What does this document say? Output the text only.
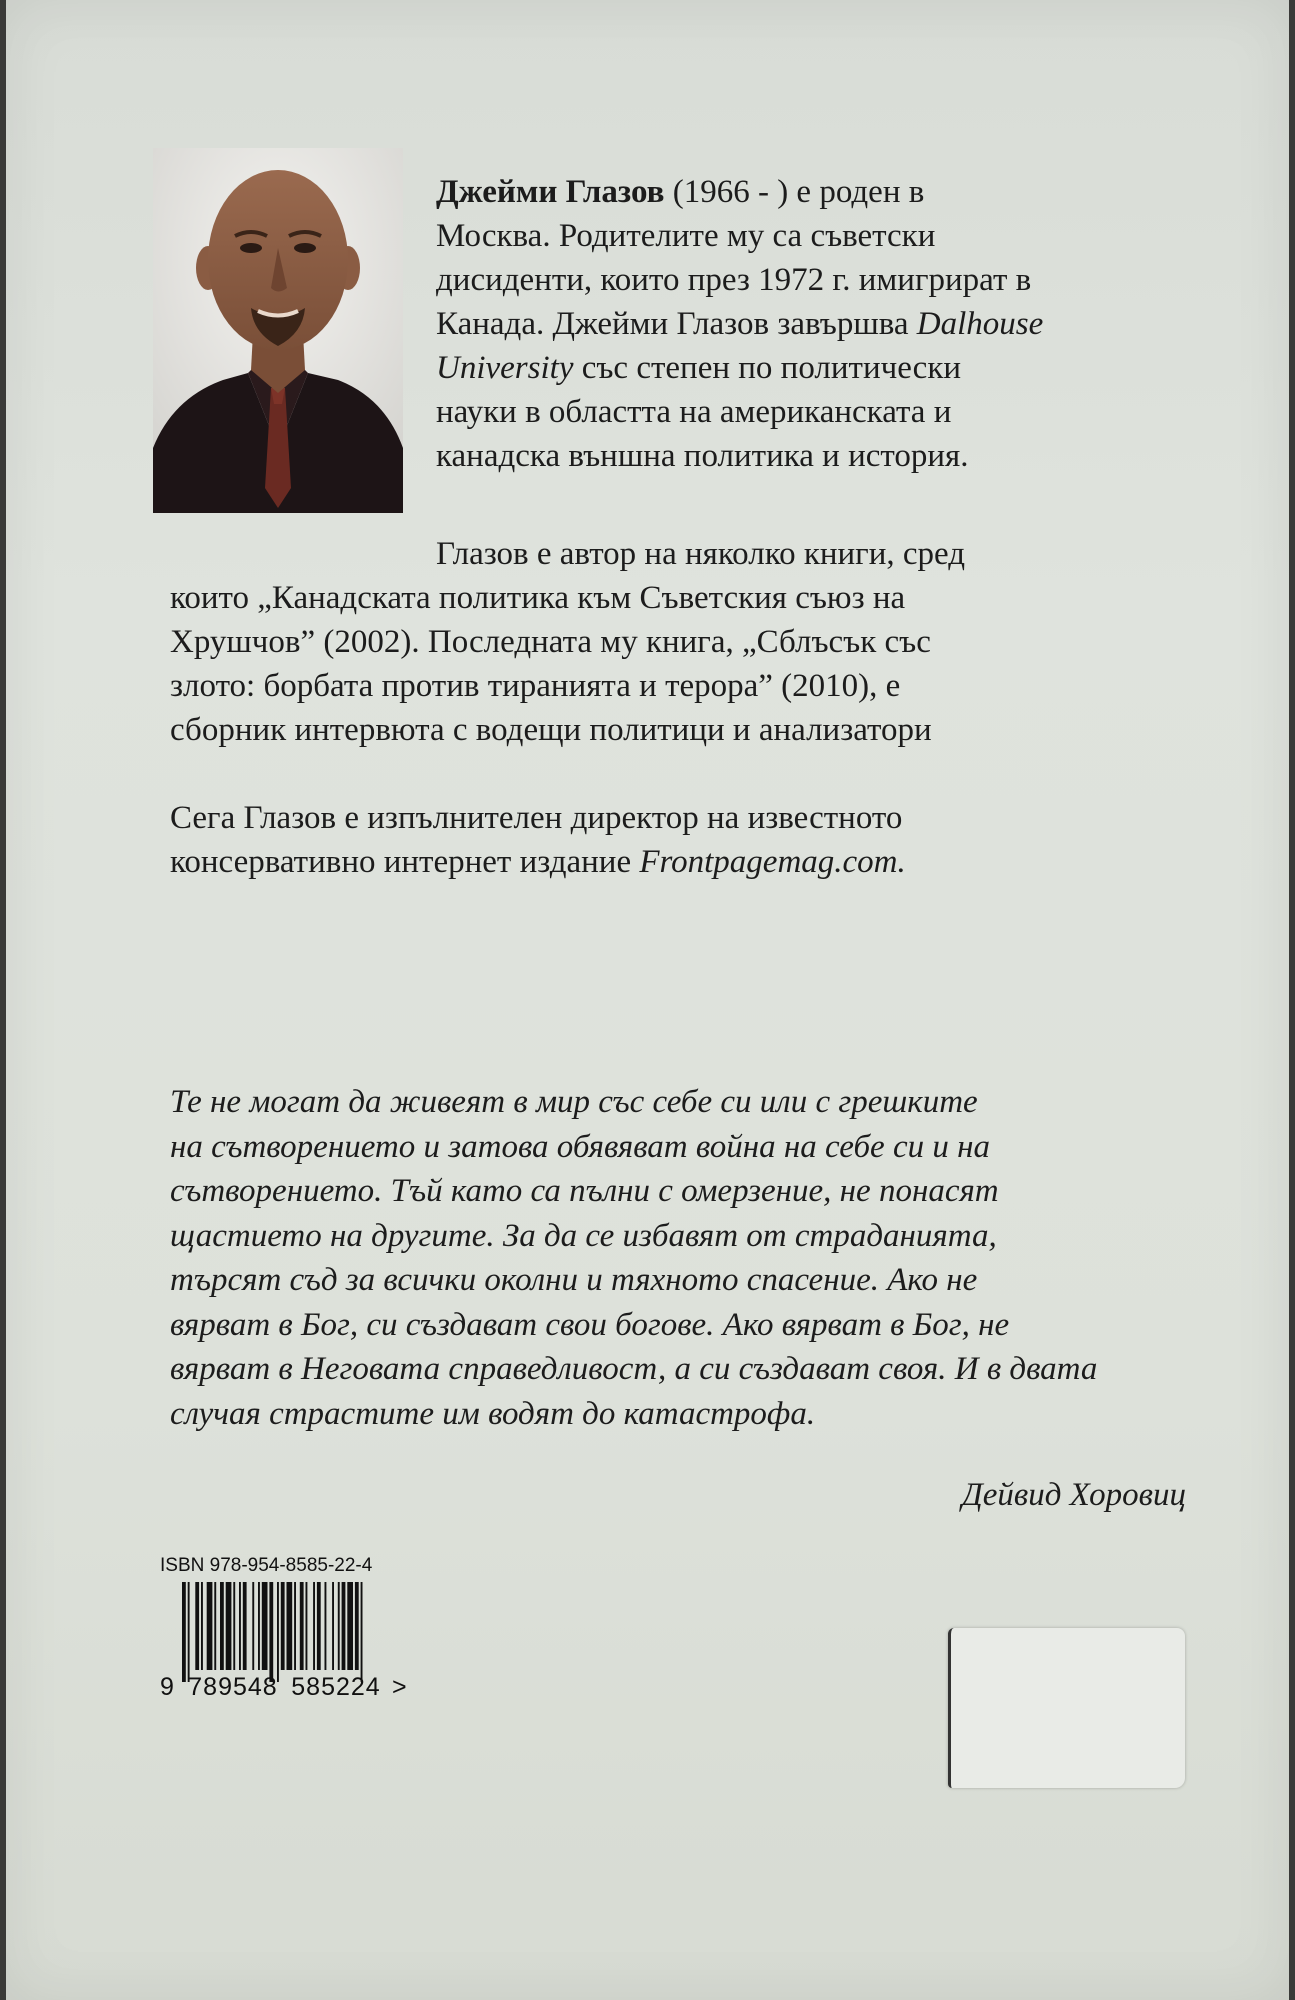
Джейми Глазов (1966 - ) е роден в
Москва. Родителите му са съветски
дисиденти, които през 1972 г. имигрират в
Канада. Джейми Глазов завършва Dalhouse
University със степен по политически
науки в областта на американската и
канадска външна политика и история.
Глазов е автор на няколко книги, сред
които „Канадската политика към Съветския съюз на
Хрушчов” (2002). Последната му книга, „Сблъсък със
злото: борбата против тиранията и терора” (2010), е
сборник интервюта с водещи политици и анализатори
Сега Глазов е изпълнителен директор на известното
консервативно интернет издание Frontpagemag.com.
Те не могат да живеят в мир със себе си или с грешките
на сътворението и затова обявяват война на себе си и на
сътворението. Тъй като са пълни с омерзение, не понасят
щастието на другите. За да се избавят от страданията,
търсят съд за всички околни и тяхното спасение. Ако не
вярват в Бог, си създават свои богове. Ако вярват в Бог, не
вярват в Неговата справедливост, а си създават своя. И в двата
случая страстите им водят до катастрофа.
Дейвид Хоровиц
ISBN 978-954-8585-22-4
9 789548 585224 >
